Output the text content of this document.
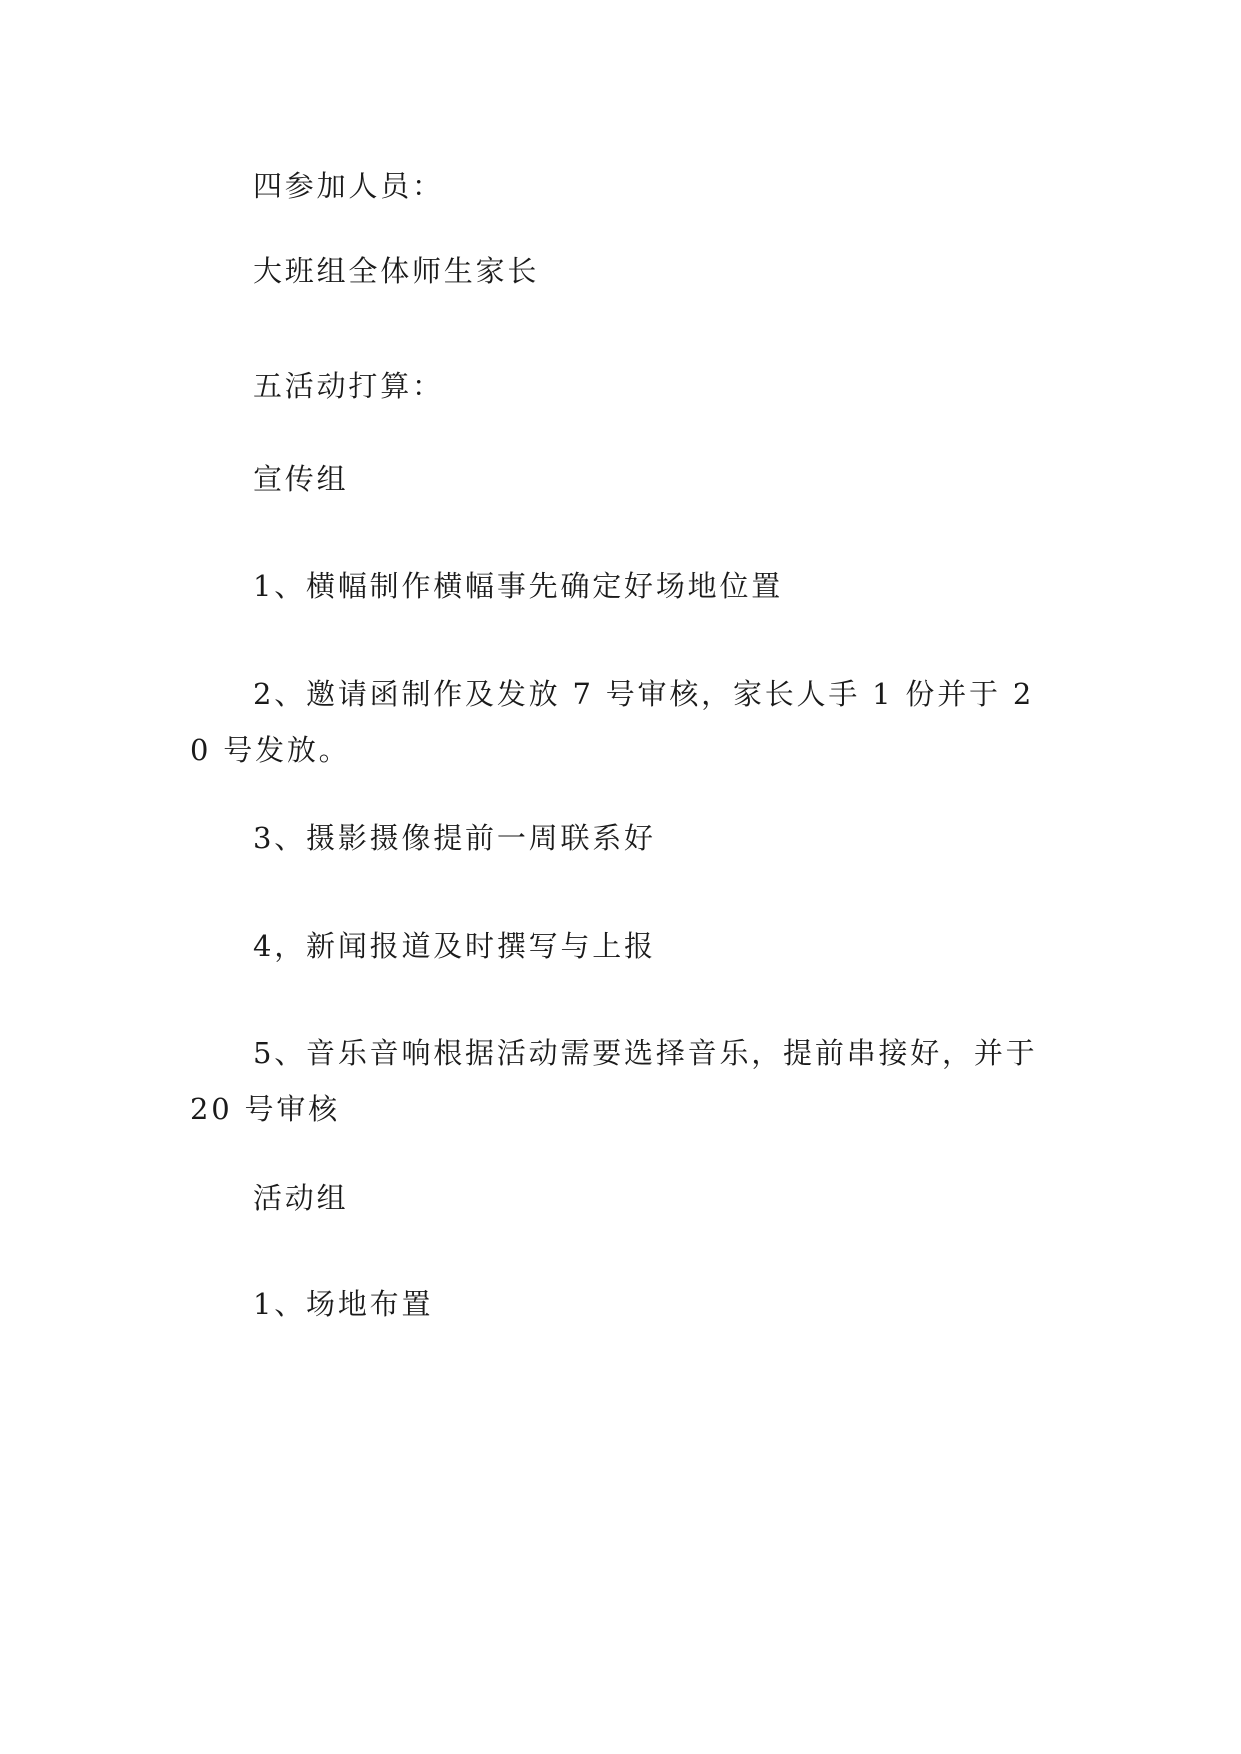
四参加人员：

大班组全体师生家长

五活动打算：

宣传组

1、横幅制作横幅事先确定好场地位置

2、邀请函制作及发放 7 号审核，家长人手 1 份并于 20 号发放。

3、摄影摄像提前一周联系好

4，新闻报道及时撰写与上报

5、音乐音响根据活动需要选择音乐，提前串接好，并于 20 号审核

活动组

1、场地布置
